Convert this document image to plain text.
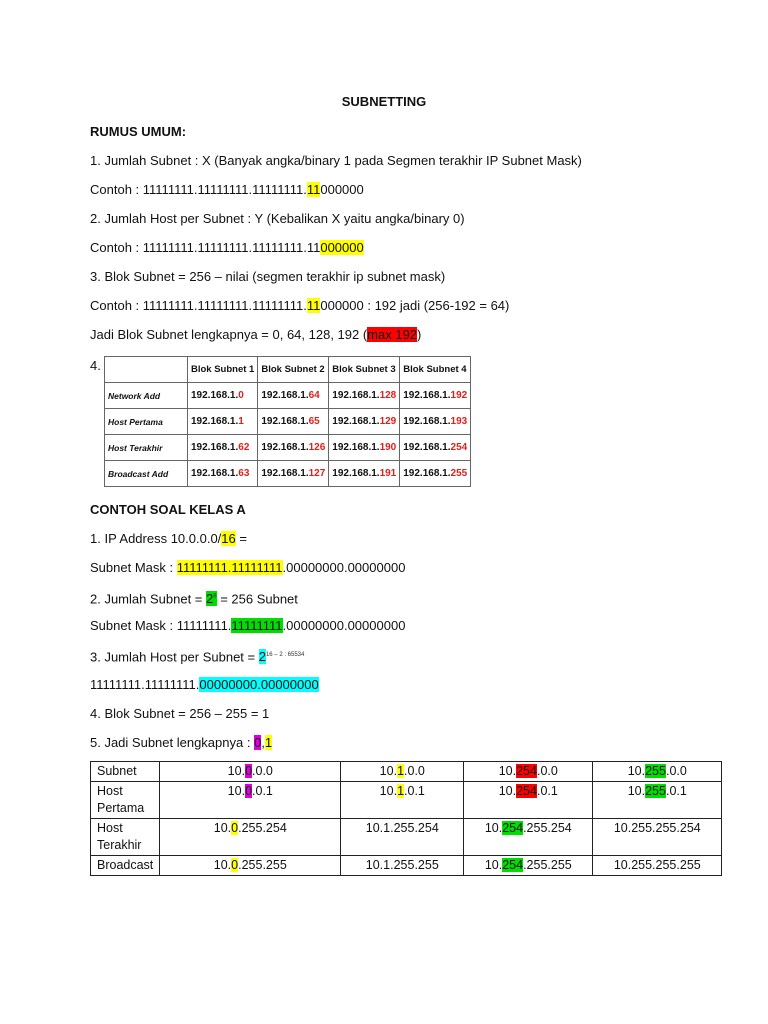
SUBNETTING
RUMUS UMUM:
1. Jumlah Subnet : X (Banyak angka/binary 1 pada Segmen terakhir IP Subnet Mask)
Contoh : 11111111.11111111.11111111.11000000
2. Jumlah Host per Subnet : Y (Kebalikan X yaitu angka/binary 0)
Contoh : 11111111.11111111.11111111.11000000
3. Blok Subnet = 256 – nilai (segmen terakhir ip subnet mask)
Contoh : 11111111.11111111.11111111.11000000 : 192 jadi (256-192 = 64)
Jadi Blok Subnet lengkapnya = 0, 64, 128, 192 (max 192)
4.
		Blok Subnet 1	Blok Subnet 2	Blok Subnet 3	Blok Subnet 4
Network Add	192.168.1.0	192.168.1.64	192.168.1.128	192.168.1.192
Host Pertama	192.168.1.1	192.168.1.65	192.168.1.129	192.168.1.193
Host Terakhir	192.168.1.62	192.168.1.126	192.168.1.190	192.168.1.254
Broadcast Add	192.168.1.63	192.168.1.127	192.168.1.191	192.168.1.255
CONTOH SOAL KELAS A
1. IP Address 10.0.0.0/16 =
Subnet Mask : 11111111.11111111.00000000.00000000
2. Jumlah Subnet = $2^8 = 256$ Subnet
Subnet Mask : 11111111.11111111.00000000.00000000
3. Jumlah Host per Subnet = $2^{16 - 2 : 65534}$
11111111.11111111.00000000.00000000
4. Blok Subnet = 256 – 255 = 1
5. Jadi Subnet lengkapnya : 0,1
Subnet	10.0.0.0	10.1.0.0	10.254.0.0	10.255.0.0
Host Pertama	10.0.0.1	10.1.0.1	10.254.0.1	10.255.0.1
Host Terakhir	10.0.255.254	10.1.255.254	10.254.255.254	10.255.255.254
Broadcast	10.0.255.255	10.1.255.255	10.254.255.255	10.255.255.255
